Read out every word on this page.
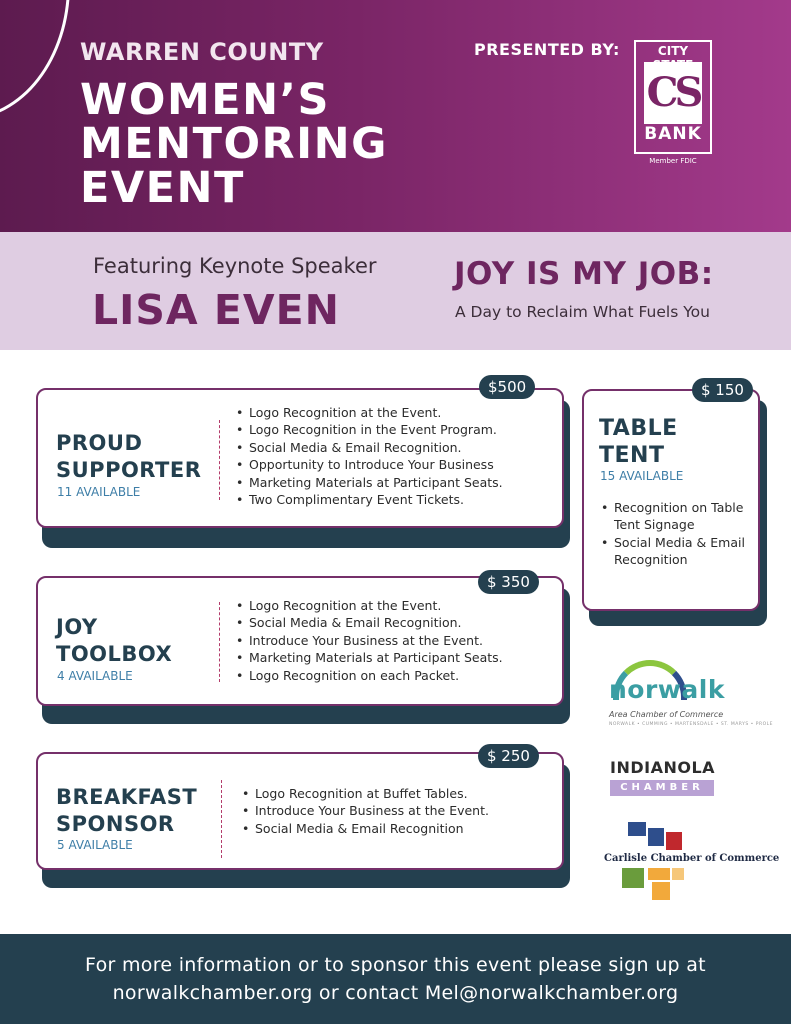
WARREN COUNTY
WOMEN’S
MENTORING
EVENT
PRESENTED BY:	CITY
CS
BANK
Member FDIC
Featuring Keynote Speaker
LISA EVEN
JOY IS MY JOB:
A Day to Reclaim What Fuels You
PROUD
SUPPORTER
11 AVAILABLE
• Logo Recognition at the Event.
• Logo Recognition in the Event Program.
• Social Media & Email Recognition.
• Opportunity to Introduce Your Business
• Marketing Materials at Participant Seats.
• Two Complimentary Event Tickets.
$500
JOY
TOOLBOX
4 AVAILABLE
• Logo Recognition at the Event.
• Social Media & Email Recognition.
• Introduce Your Business at the Event.
• Marketing Materials at Participant Seats.
• Logo Recognition on each Packet.
$ 350
BREAKFAST
SPONSOR
5 AVAILABLE
• Logo Recognition at Buffet Tables.
• Introduce Your Business at the Event.
• Social Media & Email Recognition
$ 250
TABLE
TENT
15 AVAILABLE
• Recognition on Table Tent Signage
• Social Media & Email Recognition
$ 150
norwalk
Area Chamber of Commerce
NORWALK • CUMMING • MARTENSDALE • ST. MARYS • PROLE
INDIANOLA
CHAMBER
Carlisle Chamber of Commerce
For more information or to sponsor this event please sign up at
norwalkchamber.org or contact Mel@norwalkchamber.org
